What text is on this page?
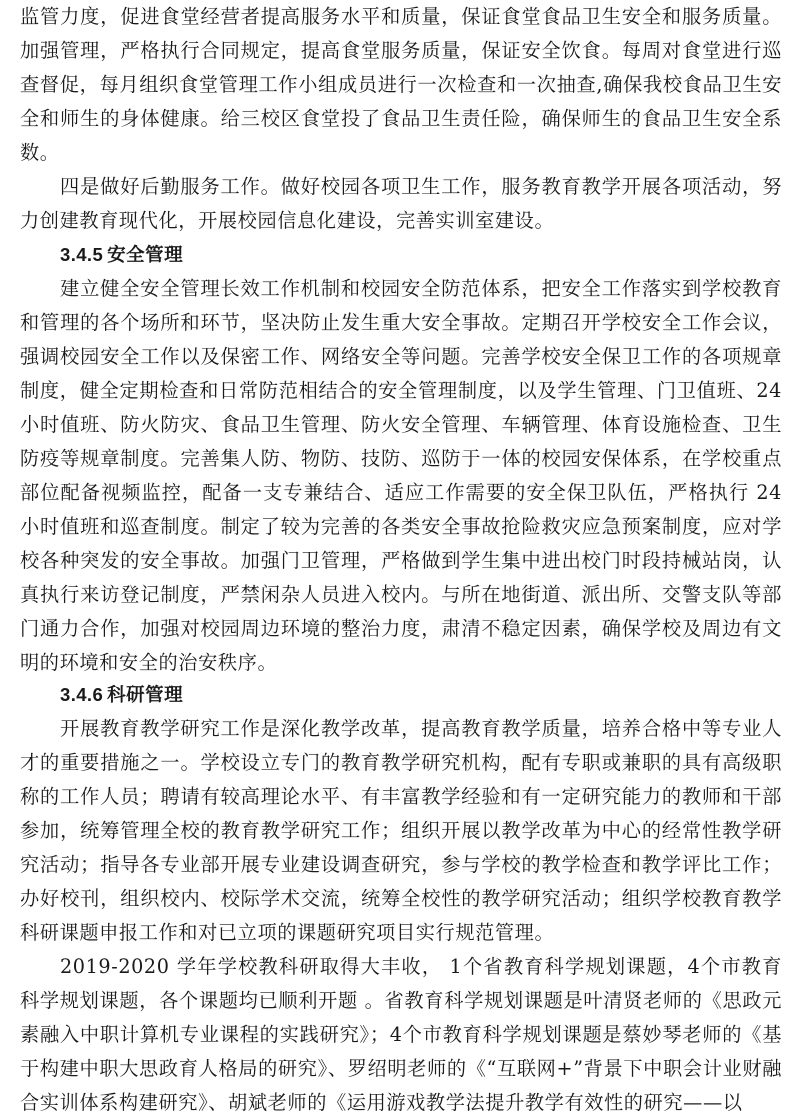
监管力度，促进食堂经营者提高服务水平和质量，保证食堂食品卫生安全和服务质量。加强管理，严格执行合同规定，提高食堂服务质量，保证安全饮食。每周对食堂进行巡查督促，每月组织食堂管理工作小组成员进行一次检查和一次抽查,确保我校食品卫生安全和师生的身体健康。给三校区食堂投了食品卫生责任险，确保师生的食品卫生安全系数。

四是做好后勤服务工作。做好校园各项卫生工作，服务教育教学开展各项活动，努力创建教育现代化，开展校园信息化建设，完善实训室建设。

3.4.5 安全管理

建立健全安全管理长效工作机制和校园安全防范体系，把安全工作落实到学校教育和管理的各个场所和环节，坚决防止发生重大安全事故。定期召开学校安全工作会议，强调校园安全工作以及保密工作、网络安全等问题。完善学校安全保卫工作的各项规章制度，健全定期检查和日常防范相结合的安全管理制度，以及学生管理、门卫值班、24小时值班、防火防灾、食品卫生管理、防火安全管理、车辆管理、体育设施检查、卫生防疫等规章制度。完善集人防、物防、技防、巡防于一体的校园安保体系，在学校重点部位配备视频监控，配备一支专兼结合、适应工作需要的安全保卫队伍，严格执行 24小时值班和巡查制度。制定了较为完善的各类安全事故抢险救灾应急预案制度，应对学校各种突发的安全事故。加强门卫管理，严格做到学生集中进出校门时段持械站岗，认真执行来访登记制度，严禁闲杂人员进入校内。与所在地街道、派出所、交警支队等部门通力合作，加强对校园周边环境的整治力度，肃清不稳定因素，确保学校及周边有文明的环境和安全的治安秩序。

3.4.6 科研管理

开展教育教学研究工作是深化教学改革，提高教育教学质量，培养合格中等专业人才的重要措施之一。学校设立专门的教育教学研究机构，配有专职或兼职的具有高级职称的工作人员；聘请有较高理论水平、有丰富教学经验和有一定研究能力的教师和干部参加，统筹管理全校的教育教学研究工作；组织开展以教学改革为中心的经常性教学研究活动；指导各专业部开展专业建设调查研究，参与学校的教学检查和教学评比工作；办好校刊，组织校内、校际学术交流，统筹全校性的教学研究活动；组织学校教育教学科研课题申报工作和对已立项的课题研究项目实行规范管理。

2019-2020 学年学校教科研取得大丰收， 1个省教育科学规划课题，4个市教育科学规划课题，各个课题均已顺利开题 。省教育科学规划课题是叶清贤老师的《思政元素融入中职计算机专业课程的实践研究》；4个市教育科学规划课题是蔡妙琴老师的《基于构建中职大思政育人格局的研究》、罗绍明老师的《“互联网+”背景下中职会计业财融合实训体系构建研究》、胡斌老师的《运用游戏教学法提升教学有效性的研究——以
